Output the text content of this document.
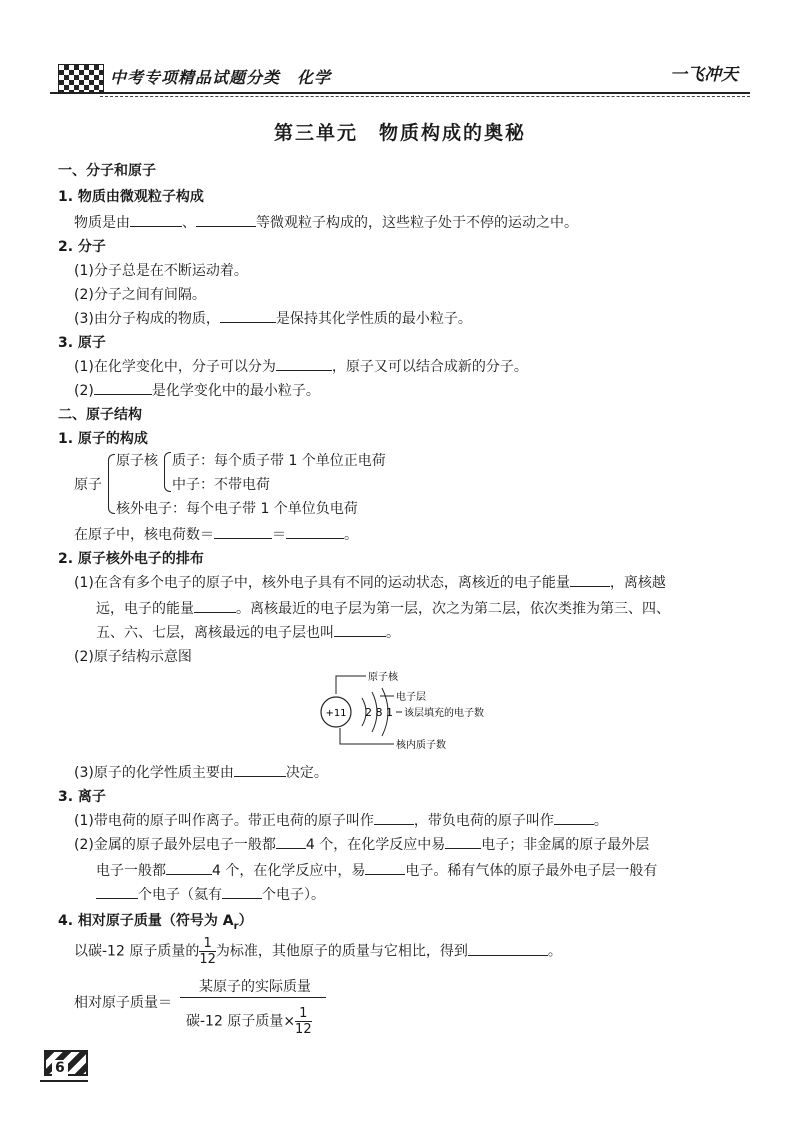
中考专项精品试题分类　化学	一飞冲天
第三单元　物质构成的奥秘
一、分子和原子
1. 物质由微观粒子构成
物质是由	、	等微观粒子构成的，这些粒子处于不停的运动之中。
2. 分子
(1)分子总是在不断运动着。
(2)分子之间有间隔。
(3)由分子构成的物质，	是保持其化学性质的最小粒子。
3. 原子
(1)在化学变化中，分子可以分为	，原子又可以结合成新的分子。
(2)	是化学变化中的最小粒子。
二、原子结构
1. 原子的构成
原子
原子核 质子：每个质子带 1 个单位正电荷
中子：不带电荷
核外电子：每个电子带 1 个单位负电荷
在原子中，核电荷数＝	＝	。
2. 原子核外电子的排布
(1)在含有多个电子的原子中，核外电子具有不同的运动状态，离核近的电子能量	，离核越
远，电子的能量	。离核最近的电子层为第一层，次之为第二层，依次类推为第三、四、
五、六、七层，离核最远的电子层也叫	。
(2)原子结构示意图
+11 2 8 1
原子核
电子层
该层填充的电子数
核内质子数
(3)原子的化学性质主要由	决定。
3. 离子
(1)带电荷的原子叫作离子。带正电荷的原子叫作	，带负电荷的原子叫作	。
(2)金属的原子最外层电子一般都 4 个，在化学反应中易	电子；非金属的原子最外层
电子一般都	4 个，在化学反应中，易	电子。稀有气体的原子最外电子层一般有
个电子（氦有	个电子）。
4. 相对原子质量（符号为 $A_r$）
以碳-12 原子质量的 $\frac{1}{12}$ 为标准，其他原子的质量与它相比，得到	。
相对原子质量＝
某原子的实际质量
碳-12 原子质量× $\frac{1}{12}$
6
